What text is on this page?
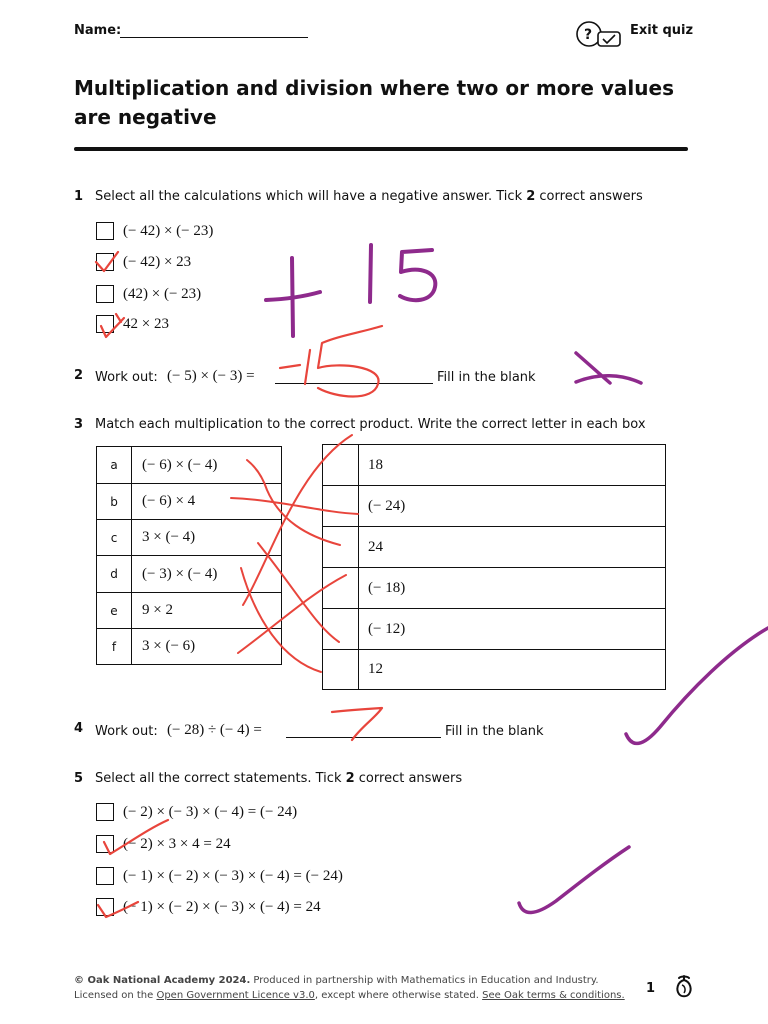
Name:	?	Exit quiz
Multiplication and division where two or more values are negative
1 Select all the calculations which will have a negative answer. Tick 2 correct answers
(− 42) × (− 23)
(− 42) × 23
(42) × (− 23)
42 × 23
2 Work out: (− 5) × (− 3) =	Fill in the blank
3 Match each multiplication to the correct product. Write the correct letter in each box
a	(− 6) × (− 4)
b	(− 6) × 4
c	3 × (− 4)
d	(− 3) × (− 4)
e	9 × 2
f	3 × (− 6)
	18
	(− 24)
	24
	(− 18)
	(− 12)
	12
4 Work out: (− 28) ÷ (− 4) =	Fill in the blank
5 Select all the correct statements. Tick 2 correct answers
(− 2) × (− 3) × (− 4) = (− 24)
(− 2) × 3 × 4 = 24
(− 1) × (− 2) × (− 3) × (− 4) = (− 24)
(− 1) × (− 2) × (− 3) × (− 4) = 24
© Oak National Academy 2024. Produced in partnership with Mathematics in Education and Industry.
Licensed on the Open Government Licence v3.0, except where otherwise stated. See Oak terms & conditions.	1
